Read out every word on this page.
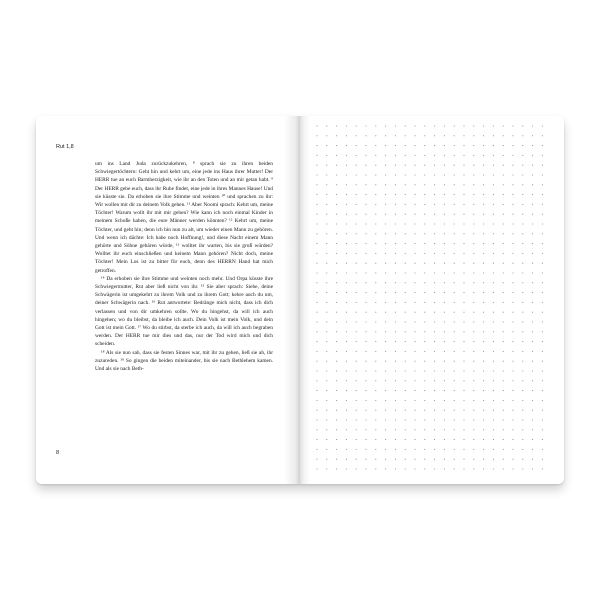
Rut 1,8

um ins Land Juda zurückzukehren, ⁸ sprach sie zu ihren beiden Schwiegertöchtern: Geht hin und kehrt um, eine jede ins Haus ihrer Mutter! Der HERR tue an euch Barmherzigkeit, wie ihr an den Toten und an mir getan habt. ⁹ Der HERR gebe euch, dass ihr Ruhe findet, eine jede in ihres Mannes Hause! Und sie küsste sie. Da erhoben sie ihre Stimme und weinten ¹⁰ und sprachen zu ihr: Wir wollen mit dir zu deinem Volk gehen. ¹¹ Aber Noomi sprach: Kehrt um, meine Töchter! Warum wollt ihr mit mir gehen? Wie kann ich noch einmal Kinder in meinem Schoße haben, die eure Männer werden könnten? ¹² Kehrt um, meine Töchter, und geht hin; denn ich bin nun zu alt, um wieder einen Mann zu gehören. Und wenn ich dächte: Ich habe noch Hoffnung!, und diese Nacht einem Mann gehörte und Söhne gebären würde, ¹³ wolltet ihr warten, bis sie groß würden? Wolltet ihr euch einschließen und keinem Mann gehören? Nicht doch, meine Töchter! Mein Los ist zu bitter für euch, denn des HERRN Hand hat mich getroffen.

¹⁴ Da erhoben sie ihre Stimme und weinten noch mehr. Und Orpa küsste ihre Schwiegermutter, Rut aber ließ nicht von ihr. ¹⁵ Sie aber sprach: Siehe, deine Schwägerin ist umgekehrt zu ihrem Volk und zu ihrem Gott; kehre auch du um, deiner Schwägerin nach. ¹⁶ Rut antwortete: Bedränge mich nicht, dass ich dich verlassen und von dir umkehren sollte. Wo du hingehst, da will ich auch hingehen; wo du bleibst, da bleibe ich auch. Dein Volk ist mein Volk, und dein Gott ist mein Gott. ¹⁷ Wo du stirbst, da sterbe ich auch, da will ich auch begraben werden. Der HERR tue mir dies und das, nur der Tod wird mich und dich scheiden.

¹⁸ Als sie nun sah, dass sie festen Sinnes war, mit ihr zu gehen, ließ sie ab, ihr zuzureden. ¹⁹ So gingen die beiden miteinander, bis sie nach Bethlehem kamen. Und als sie nach Beth-

8
